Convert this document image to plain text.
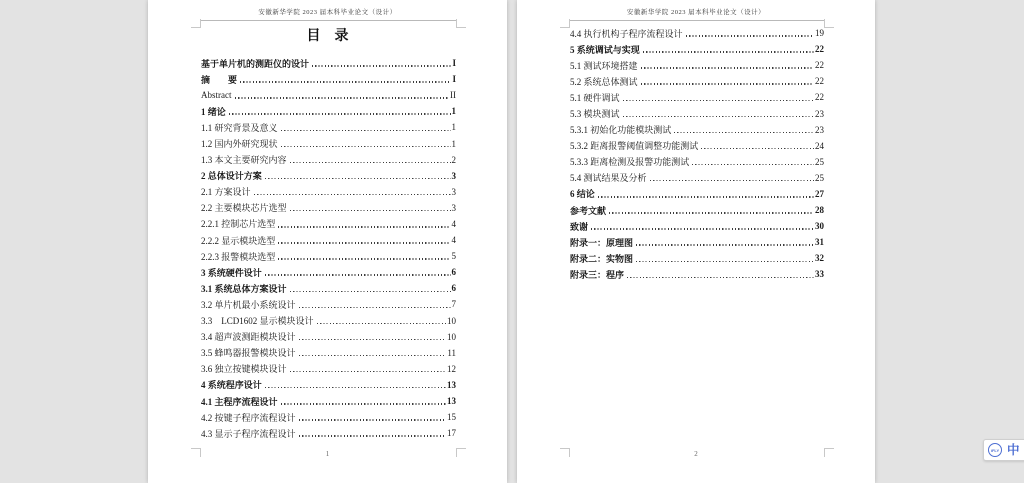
安徽新华学院 2023 届本科毕业论文（设计）
目　录
基于单片机的测距仪的设计	I
摘　　要	I
Abstract	II
1 绪论	1
1.1 研究背景及意义	1
1.2 国内外研究现状	1
1.3 本文主要研究内容	2
2 总体设计方案	3
2.1 方案设计	3
2.2 主要模块芯片选型	3
2.2.1 控制芯片选型	4
2.2.2 显示模块选型	4
2.2.3 报警模块选型	5
3 系统硬件设计	6
3.1 系统总体方案设计	6
3.2 单片机最小系统设计	7
3.3　LCD1602 显示模块设计	10
3.4 超声波测距模块设计	10
3.5 蜂鸣器报警模块设计	11
3.6 独立按键模块设计	12
4 系统程序设计	13
4.1 主程序流程设计	13
4.2 按键子程序流程设计	15
4.3 显示子程序流程设计	17
1
安徽新华学院 2023 届本科毕业论文（设计）
4.4 执行机构子程序流程设计	19
5 系统调试与实现	22
5.1 测试环境搭建	22
5.2 系统总体测试	22
5.1 硬件调试	22
5.3 模块测试	23
5.3.1 初始化功能模块测试	23
5.3.2 距离报警阈值调整功能测试	24
5.3.3 距离检测及报警功能测试	25
5.4 测试结果及分析	25
6 结论	27
参考文献	28
致谢	30
附录一：原理图	31
附录二：实物图	32
附录三：程序	33
2	iFLY 中
